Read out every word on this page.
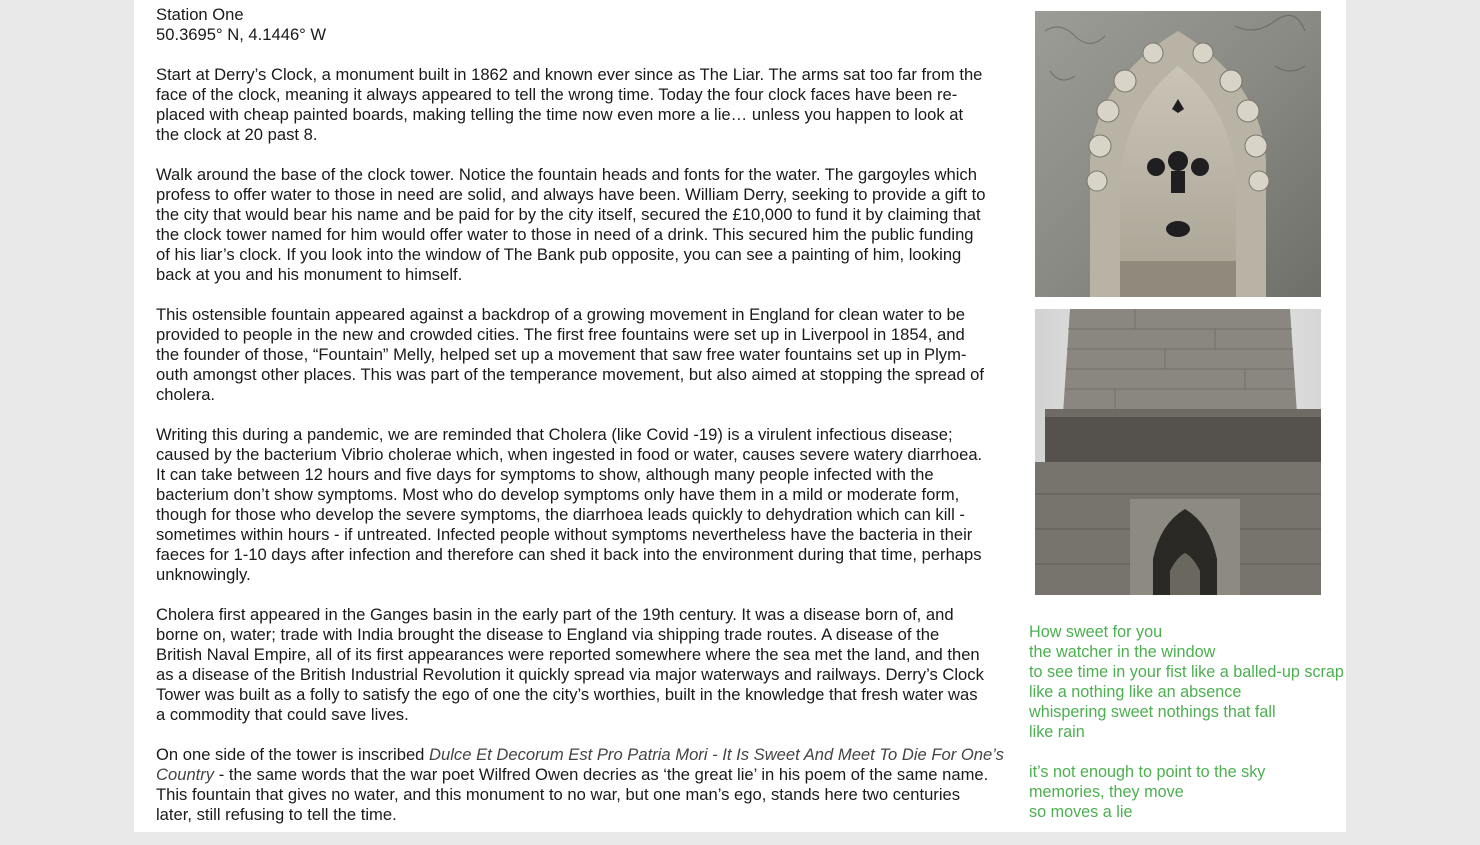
Station One
50.3695° N, 4.1446° W

Start at Derry’s Clock, a monument built in 1862 and known ever since as The Liar. The arms sat too far from the
face of the clock, meaning it always appeared to tell the wrong time. Today the four clock faces have been re-
placed with cheap painted boards, making telling the time now even more a lie… unless you happen to look at
the clock at 20 past 8.

Walk around the base of the clock tower. Notice the fountain heads and fonts for the water. The gargoyles which
profess to offer water to those in need are solid, and always have been. William Derry, seeking to provide a gift to
the city that would bear his name and be paid for by the city itself, secured the £10,000 to fund it by claiming that
the clock tower named for him would offer water to those in need of a drink. This secured him the public funding
of his liar’s clock. If you look into the window of The Bank pub opposite, you can see a painting of him, looking
back at you and his monument to himself.

This ostensible fountain appeared against a backdrop of a growing movement in England for clean water to be
provided to people in the new and crowded cities. The first free fountains were set up in Liverpool in 1854, and
the founder of those, “Fountain” Melly, helped set up a movement that saw free water fountains set up in Plym-
outh amongst other places. This was part of the temperance movement, but also aimed at stopping the spread of
cholera.

Writing this during a pandemic, we are reminded that Cholera (like Covid -19) is a virulent infectious disease;
caused by the bacterium Vibrio cholerae which, when ingested in food or water, causes severe watery diarrhoea.
It can take between 12 hours and five days for symptoms to show, although many people infected with the
bacterium don’t show symptoms. Most who do develop symptoms only have them in a mild or moderate form,
though for those who develop the severe symptoms, the diarrhoea leads quickly to dehydration which can kill -
sometimes within hours - if untreated. Infected people without symptoms nevertheless have the bacteria in their
faeces for 1-10 days after infection and therefore can shed it back into the environment during that time, perhaps
unknowingly.

Cholera first appeared in the Ganges basin in the early part of the 19th century. It was a disease born of, and
borne on, water; trade with India brought the disease to England via shipping trade routes. A disease of the
British Naval Empire, all of its first appearances were reported somewhere where the sea met the land, and then
as a disease of the British Industrial Revolution it quickly spread via major waterways and railways. Derry’s Clock
Tower was built as a folly to satisfy the ego of one the city’s worthies, built in the knowledge that fresh water was
a commodity that could save lives.

On one side of the tower is inscribed Dulce Et Decorum Est Pro Patria Mori - It Is Sweet And Meet To Die For One’s
Country - the same words that the war poet Wilfred Owen decries as ‘the great lie’ in his poem of the same name.
This fountain that gives no water, and this monument to no war, but one man’s ego, stands here two centuries
later, still refusing to tell the time.

How sweet for you
the watcher in the window
to see time in your fist like a balled-up scrap
like a nothing like an absence
whispering sweet nothings that fall
like rain
it’s not enough to point to the sky
memories, they move
so moves a lie
